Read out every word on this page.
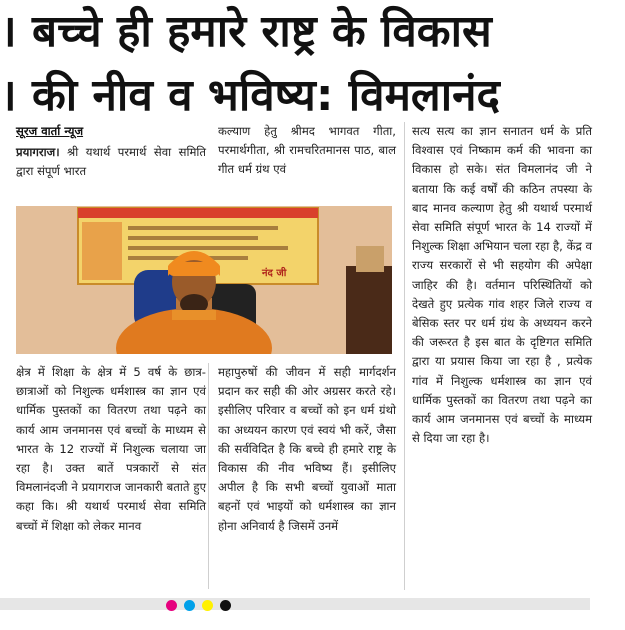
। बच्चे ही हमारे राष्ट्र के विकास
। की नीव व भविष्य: विमलानंद
सूरज वार्ता न्यूज

प्रयागराज। श्री यथार्थ परमार्थ सेवा समिति द्वारा संपूर्ण भारत

कल्याण हेतु श्रीमद भागवत गीता, परमार्थगीता, श्री रामचरितमानस पाठ, बाल गीत धर्म ग्रंथ एवं

सत्य सत्य का ज्ञान सनातन धर्म के प्रति विश्वास एवं निष्काम कर्म की भावना का विकास हो सके। संत विमलानंद जी ने बताया कि कई वर्षों की कठिन तपस्या के बाद मानव कल्याण हेतु श्री यथार्थ परमार्थ सेवा समिति संपूर्ण भारत के 14 राज्यों में निशुल्क शिक्षा अभियान चला रहा है, केंद्र व राज्य सरकारों से भी सहयोग की अपेक्षा जाहिर की है। वर्तमान परिस्थितियों को देखते हुए प्रत्येक गांव शहर जिले राज्य व बेसिक स्तर पर धर्म ग्रंथ के अध्ययन करने की जरूरत है इस बात के दृष्टिगत समिति द्वारा या प्रयास किया जा रहा है , प्रत्येक गांव में निशुल्क धर्मशास्त्र का ज्ञान एवं धार्मिक पुस्तकों का वितरण तथा पढ़ने का कार्य आम जनमानस एवं बच्चों के माध्यम से दिया जा रहा है।

नंद जी

क्षेत्र में शिक्षा के क्षेत्र में 5 वर्ष के छात्र-छात्राओं को निशुल्क धर्मशास्त्र का ज्ञान एवं धार्मिक पुस्तकों का वितरण तथा पढ़ने का कार्य आम जनमानस एवं बच्चों के माध्यम से भारत के 12 राज्यों में निशुल्क चलाया जा रहा है। उक्त बातें पत्रकारों से संत विमलानंदजी ने प्रयागराज जानकारी बताते हुए कहा कि। श्री यथार्थ परमार्थ सेवा समिति बच्चों में शिक्षा को लेकर मानव

महापुरुषों की जीवन में सही मार्गदर्शन प्रदान कर सही की ओर अग्रसर करते रहे। इसीलिए परिवार व बच्चों को इन धर्म ग्रंथो का अध्ययन कारण एवं स्वयं भी करें, जैसा की सर्वविदित है कि बच्चे ही हमारे राष्ट्र के विकास की नीव भविष्य हैं। इसीलिए अपील है कि सभी बच्चों युवाओं माता बहनों एवं भाइयों को धर्मशास्त्र का ज्ञान होना अनिवार्य है जिसमें उनमें
